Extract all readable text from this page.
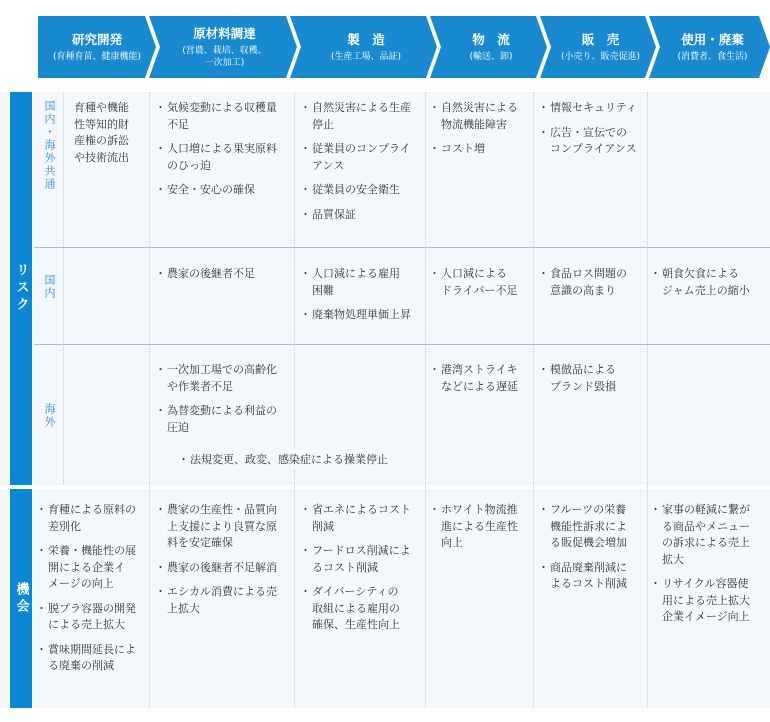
研究開発
(育種育苗、健康機能)
原材料調達
(営農、栽培、収穫、一次加工)
製　造
(生産工場、品証)
物　流
(輸送、卸)
販　売
(小売り、販売促進)
使用・廃棄
(消費者、食生活)
リスク
機会
国内・海外共通
国内
海外
育種や機能
性等知的財
産権の訴訟
や技術流出
・ 気候変動による収穫量
不足
・ 人口増による果実原料
のひっ迫
・ 安全・安心の確保
・ 自然災害による生産
停止
・ 従業員のコンプライ
アンス
・ 従業員の安全衛生
・ 品質保証
・ 自然災害による
物流機能障害
・ コスト増
・ 情報セキュリティ
・ 広告・宣伝での
コンプライアンス
・ 農家の後継者不足
・	人口減による雇用
困難
・ 廃棄物処理単価上昇
・ 人口減による
ドライバー不足
・ 食品ロス問題の
意識の高まり
・ 朝食欠食による
ジャム売上の縮小
・ 一次加工場での高齢化
や作業者不足
・ 為替変動による利益の
圧迫
・ 法規変更、政変、感染症による操業停止
・ 港湾ストライキ
などによる遅延
・ 模倣品による
ブランド毀損
・ 育種による原料の
差別化
・ 栄養・機能性の展
開による企業イ
メージの向上
・ 脱プラ容器の開発
による売上拡大
・ 賞味期間延長によ
る廃棄の削減
・ 農家の生産性・品質向
上支援により良質な原
料を安定確保
・ 農家の後継者不足解消
・ エシカル消費による売
上拡大
・ 省エネによるコスト
削減
・ フードロス削減によ
るコスト削減
・ ダイバーシティの
取組による雇用の
確保、生産性向上
・ ホワイト物流推
進による生産性
向上
・ フルーツの栄養
機能性訴求によ
る販促機会増加
・ 商品廃棄削減に
よるコスト削減
・ 家事の軽減に繋が
る商品やメニュー
の訴求による売上
拡大
・ リサイクル容器使
用による売上拡大
企業イメージ向上
